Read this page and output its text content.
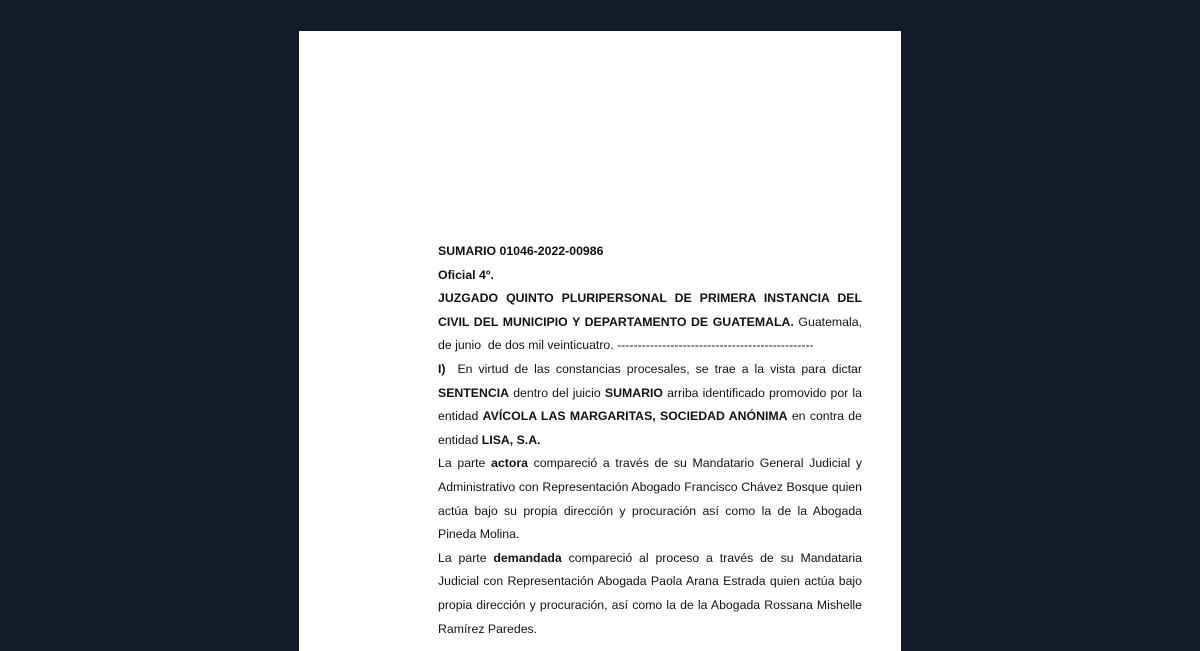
SUMARIO 01046-2022-00986
Oficial 4º.
JUZGADO QUINTO PLURIPERSONAL DE PRIMERA INSTANCIA DEL
CIVIL DEL MUNICIPIO Y DEPARTAMENTO DE GUATEMALA. Guatemala,
de junio  de dos mil veinticuatro. ------------------------------------------------
I)  En virtud de las constancias procesales, se trae a la vista para dictar
SENTENCIA dentro del juicio SUMARIO arriba identificado promovido por la
entidad AVÍCOLA LAS MARGARITAS, SOCIEDAD ANÓNIMA en contra de
entidad LISA, S.A.
La parte actora compareció a través de su Mandatario General Judicial y
Administrativo con Representación Abogado Francisco Chávez Bosque quien
actúa bajo su propia dirección y procuración así como la de la Abogada
Pineda Molina.
La parte demandada compareció al proceso a través de su Mandataria
Judicial con Representación Abogada Paola Arana Estrada quien actúa bajo
propia dirección y procuración, así como la de la Abogada Rossana Mishelle
Ramírez Paredes.
